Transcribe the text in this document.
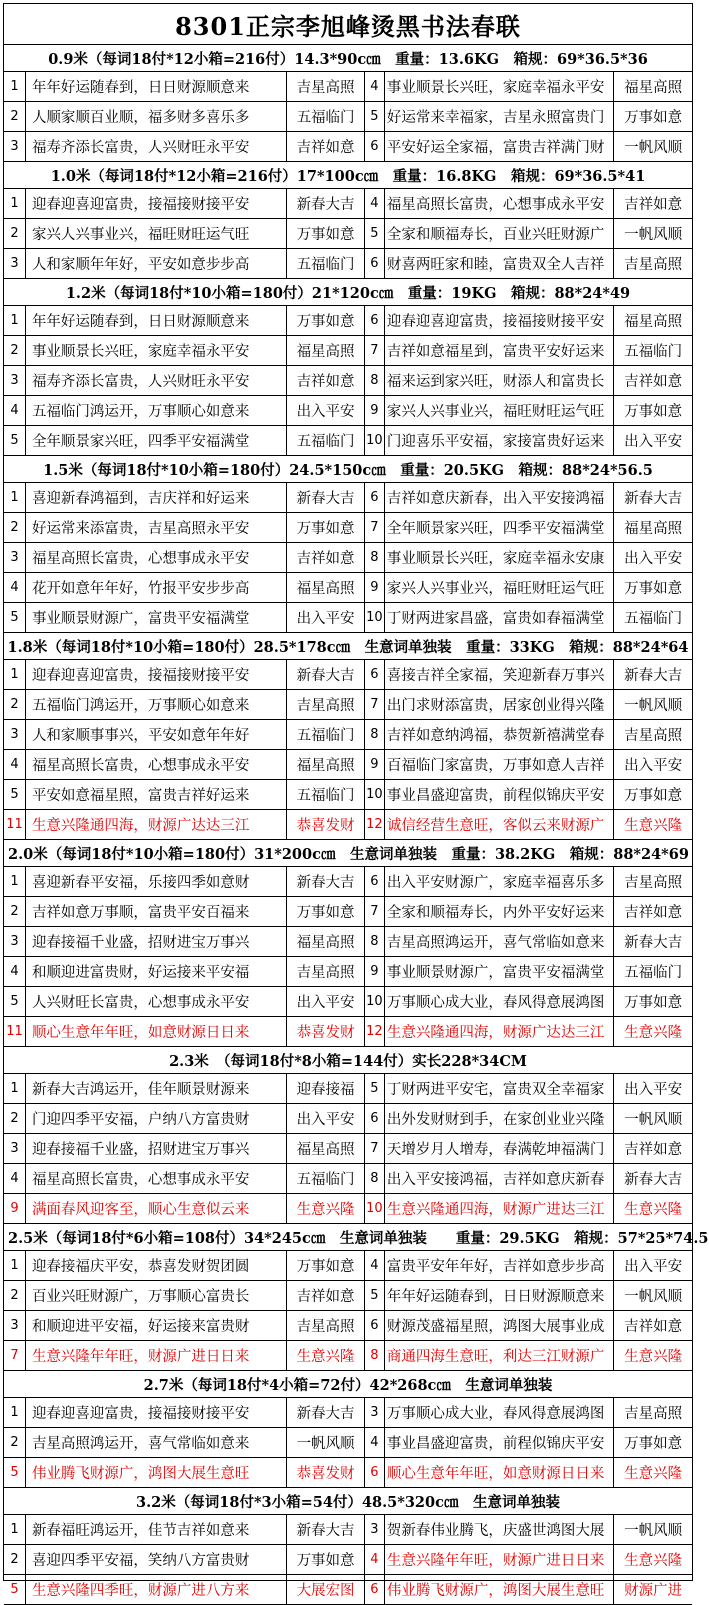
8301正宗李旭峰烫黑书法春联
0.9米（每词18付*12小箱=216付）14.3*90c㎝　重量：13.6KG　箱规：69*36.5*36
1 年年好运随春到，日日财源顺意来	吉星高照	4 事业顺景长兴旺，家庭幸福永平安	福星高照
2 人顺家顺百业顺，福多财多喜乐多	五福临门	5 好运常来幸福家，吉星永照富贵门	万事如意
3 福寿齐添长富贵，人兴财旺永平安	吉祥如意	6 平安好运全家福，富贵吉祥满门财	一帆风顺
1.0米（每词18付*12小箱=216付）17*100c㎝　重量：16.8KG　箱规：69*36.5*41
1 迎春迎喜迎富贵，接福接财接平安	新春大吉	4 福星高照长富贵，心想事成永平安	吉祥如意
2 家兴人兴事业兴，福旺财旺运气旺	万事如意	5 全家和顺福寿长，百业兴旺财源广	一帆风顺
3 人和家顺年年好，平安如意步步高	五福临门	6 财喜两旺家和睦，富贵双全人吉祥	吉星高照
1.2米（每词18付*10小箱=180付）21*120c㎝　重量：19KG　箱规：88*24*49
1 年年好运随春到，日日财源顺意来	万事如意	6 迎春迎喜迎富贵，接福接财接平安	福星高照
2 事业顺景长兴旺，家庭幸福永平安	福星高照	7 吉祥如意福星到，富贵平安好运来	五福临门
3 福寿齐添长富贵，人兴财旺永平安	吉祥如意	8 福来运到家兴旺，财添人和富贵长	吉祥如意
4 五福临门鸿运开，万事顺心如意来	出入平安	9 家兴人兴事业兴，福旺财旺运气旺	万事如意
5 全年顺景家兴旺，四季平安福满堂	五福临门 10 门迎喜乐平安福，家接富贵好运来	出入平安
1.5米（每词18付*10小箱=180付）24.5*150c㎝　重量：20.5KG　箱规：88*24*56.5
1 喜迎新春鸿福到，吉庆祥和好运来	新春大吉	6 吉祥如意庆新春，出入平安接鸿福	新春大吉
2 好运常来添富贵，吉星高照永平安	万事如意	7 全年顺景家兴旺，四季平安福满堂	福星高照
3 福星高照长富贵，心想事成永平安	吉祥如意	8 事业顺景长兴旺，家庭幸福永安康	出入平安
4 花开如意年年好，竹报平安步步高	福星高照	9 家兴人兴事业兴，福旺财旺运气旺	万事如意
5 事业顺景财源广，富贵平安福满堂	出入平安 10 丁财两进家昌盛，富贵如春福满堂	五福临门
1.8米（每词18付*10小箱=180付）28.5*178c㎝　生意词单独装　重量：33KG　箱规：88*24*64
1 迎春迎喜迎富贵，接福接财接平安	新春大吉	6 喜接吉祥全家福，笑迎新春万事兴	新春大吉
2 五福临门鸿运开，万事顺心如意来	吉星高照	7 出门求财添富贵，居家创业得兴隆	一帆风顺
3 人和家顺事事兴，平安如意年年好	五福临门	8 吉祥如意纳鸿福，恭贺新禧满堂春	吉星高照
4 福星高照长富贵，心想事成永平安	福星高照	9 百福临门家富贵，万事如意人吉祥	出入平安
5 平安如意福星照，富贵吉祥好运来	五福临门 10 事业昌盛迎富贵，前程似锦庆平安	万事如意
11 生意兴隆通四海，财源广达达三江	恭喜发财 12 诚信经营生意旺，客似云来财源广	生意兴隆
2.0米（每词18付*10小箱=180付）31*200c㎝　生意词单独装　重量：38.2KG　箱规：88*24*69
1 喜迎新春平安福，乐接四季如意财	新春大吉	6 出入平安财源广，家庭幸福喜乐多	吉星高照
2 吉祥如意万事顺，富贵平安百福来	万事如意	7 全家和顺福寿长，内外平安好运来	吉祥如意
3 迎春接福千业盛，招财进宝万事兴	福星高照	8 吉星高照鸿运开，喜气常临如意来	新春大吉
4 和顺迎进富贵财，好运接来平安福	吉星高照	9 事业顺景财源广，富贵平安福满堂	五福临门
5 人兴财旺长富贵，心想事成永平安	出入平安 10 万事顺心成大业，春风得意展鸿图	万事如意
11 顺心生意年年旺，如意财源日日来	恭喜发财 12 生意兴隆通四海，财源广达达三江	生意兴隆
2.3米　（每词18付*8小箱=144付）实长228*34CM
1 新春大吉鸿运开，佳年顺景财源来	迎春接福	5 丁财两进平安宅，富贵双全幸福家	出入平安
2 门迎四季平安福，户纳八方富贵财	出入平安	6 出外发财财到手，在家创业业兴隆	一帆风顺
3 迎春接福千业盛，招财进宝万事兴	福星高照	7 天增岁月人增寿，春满乾坤福满门	吉祥如意
4 福星高照长富贵，心想事成永平安	五福临门	8 出入平安接鸿福，吉祥如意庆新春	新春大吉
9 满面春风迎客至，顺心生意似云来	生意兴隆 10 生意兴隆通四海，财源广进达三江	生意兴隆
2.5米（每词18付*6小箱=108付）34*245c㎝　生意词单独装　　重量：29.5KG　箱规：57*25*74.5
1 迎春接福庆平安，恭喜发财贺团圆	万事如意	4 富贵平安年年好，吉祥如意步步高	出入平安
2 百业兴旺财源广，万事顺心富贵长	吉祥如意	5 年年好运随春到，日日财源顺意来	一帆风顺
3 和顺迎进平安福，好运接来富贵财	吉星高照	6 财源茂盛福星照，鸿图大展事业成	吉祥如意
7 生意兴隆年年旺，财源广进日日来	生意兴隆	8 商通四海生意旺，利达三江财源广	生意兴隆
2.7米（每词18付*4小箱=72付）42*268c㎝　生意词单独装
1 迎春迎喜迎富贵，接福接财接平安	新春大吉	3 万事顺心成大业，春风得意展鸿图	吉星高照
2 吉星高照鸿运开，喜气常临如意来	一帆风顺	4 事业昌盛迎富贵，前程似锦庆平安	万事如意
5 伟业腾飞财源广，鸿图大展生意旺	恭喜发财	6 顺心生意年年旺，如意财源日日来	生意兴隆
3.2米（每词18付*3小箱=54付）48.5*320c㎝　生意词单独装
1 新春福旺鸿运开，佳节吉祥如意来	新春大吉	3 贺新春伟业腾飞，庆盛世鸿图大展	一帆风顺
2 喜迎四季平安福，笑纳八方富贵财	万事如意	4 生意兴隆年年旺，财源广进日日来	生意兴隆
5 生意兴隆四季旺，财源广进八方来	大展宏图	6 伟业腾飞财源广，鸿图大展生意旺	财源广进
